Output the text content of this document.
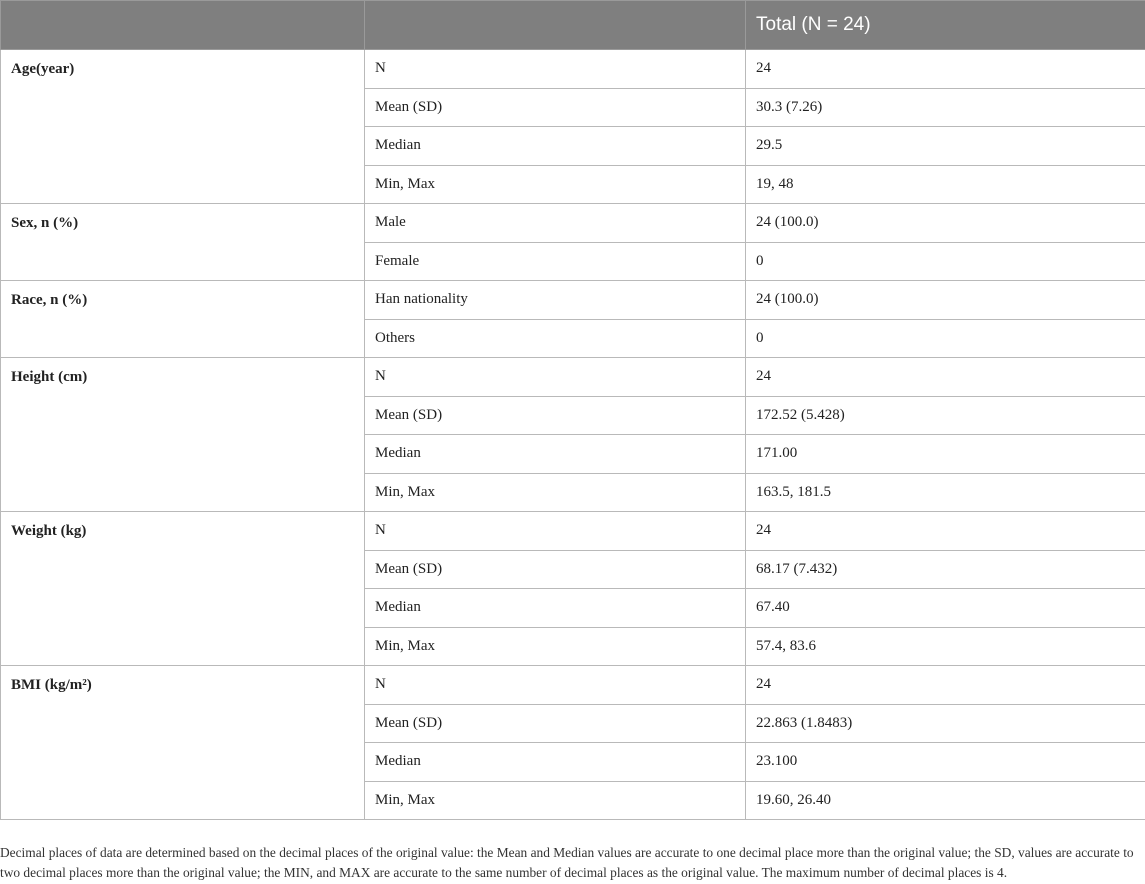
		Total (N = 24)
Age(year)	N	24
	Mean (SD)	30.3 (7.26)
	Median	29.5
	Min, Max	19, 48
Sex, n (%)	Male	24 (100.0)
	Female	0
Race, n (%)	Han nationality	24 (100.0)
	Others	0
Height (cm)	N	24
	Mean (SD)	172.52 (5.428)
	Median	171.00
	Min, Max	163.5, 181.5
Weight (kg)	N	24
	Mean (SD)	68.17 (7.432)
	Median	67.40
	Min, Max	57.4, 83.6
BMI (kg/m²)	N	24
	Mean (SD)	22.863 (1.8483)
	Median	23.100
	Min, Max	19.60, 26.40
Decimal places of data are determined based on the decimal places of the original value: the Mean and Median values are accurate to one decimal place more than the original value; the SD, values are accurate to two decimal places more than the original value; the MIN, and MAX are accurate to the same number of decimal places as the original value. The maximum number of decimal places is 4.
